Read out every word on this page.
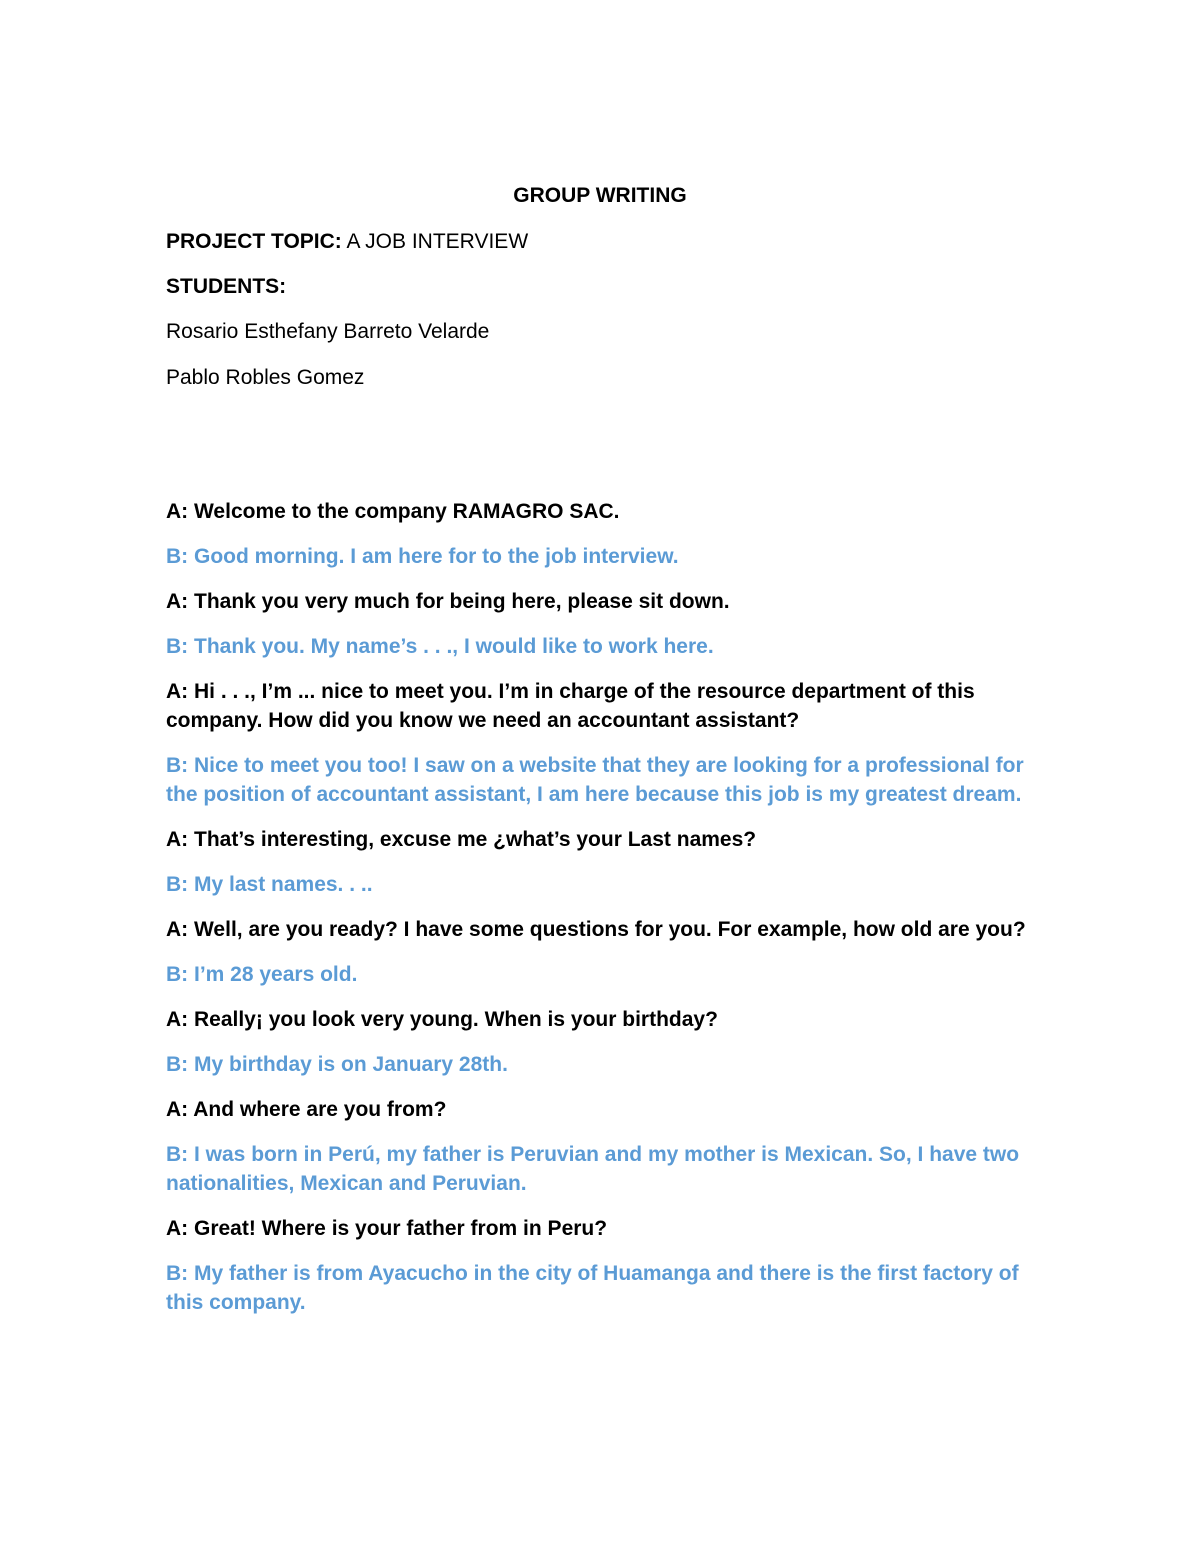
GROUP WRITING

PROJECT TOPIC: A JOB INTERVIEW

STUDENTS:

Rosario Esthefany Barreto Velarde

Pablo Robles Gomez

A: Welcome to the company RAMAGRO SAC.

B: Good morning. I am here for to the job interview.

A: Thank you very much for being here, please sit down.

B: Thank you. My name’s . . ., I would like to work here.

A: Hi . . ., I’m ... nice to meet you. I’m in charge of the resource department of this company. How did you know we need an accountant assistant?

B: Nice to meet you too! I saw on a website that they are looking for a professional for the position of accountant assistant, I am here because this job is my greatest dream.

A: That’s interesting, excuse me ¿what’s your Last names?

B: My last names. . ..

A: Well, are you ready? I have some questions for you. For example, how old are you?

B: I’m 28 years old.

A: Really¡ you look very young. When is your birthday?

B: My birthday is on January 28th.

A: And where are you from?

B: I was born in Perú, my father is Peruvian and my mother is Mexican. So, I have two nationalities, Mexican and Peruvian.

A: Great! Where is your father from in Peru?

B: My father is from Ayacucho in the city of Huamanga and there is the first factory of this company.
